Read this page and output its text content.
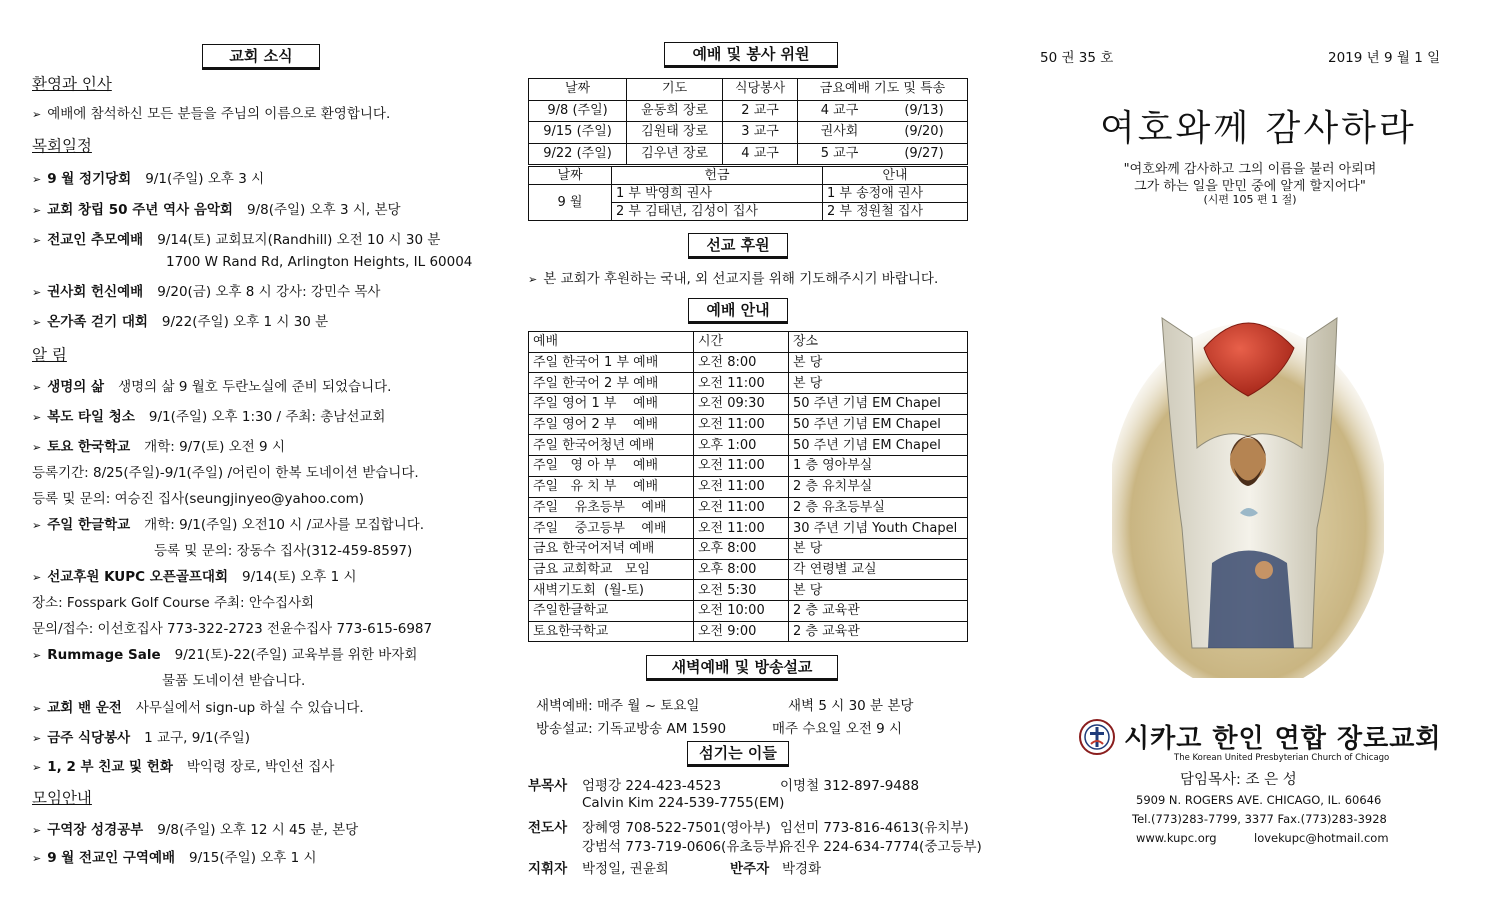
교회 소식
환영과 인사
➢ 예배에 참석하신 모든 분들을 주님의 이름으로 환영합니다.
목회일정
➢ 9 월 정기당회 9/1(주일) 오후 3 시
➢ 교회 창립 50 주년 역사 음악회 9/8(주일) 오후 3 시, 본당
➢ 전교인 추모예배 9/14(토) 교회묘지(Randhill) 오전 10 시 30 분
1700 W Rand Rd, Arlington Heights, IL 60004
➢ 권사회 헌신예배 9/20(금) 오후 8 시 강사: 강민수 목사
➢ 온가족 걷기 대회 9/22(주일) 오후 1 시 30 분
알 림
➢ 생명의 삶 생명의 삶 9 월호 두란노실에 준비 되었습니다.
➢ 복도 타일 청소 9/1(주일) 오후 1:30 / 주최: 총남선교회
➢ 토요 한국학교 개학: 9/7(토) 오전 9 시
등록기간: 8/25(주일)-9/1(주일) /어린이 한복 도네이션 받습니다.
등록 및 문의: 여승진 집사(seungjinyeo@yahoo.com)
➢ 주일 한글학교 개학: 9/1(주일) 오전10 시 /교사를 모집합니다.
등록 및 문의: 장동수 집사(312-459-8597)
➢ 선교후원 KUPC 오픈골프대회 9/14(토) 오후 1 시
장소: Fosspark Golf Course 주최: 안수집사회
문의/접수: 이선호집사 773-322-2723 전윤수집사 773-615-6987
➢ Rummage Sale 9/21(토)-22(주일) 교육부를 위한 바자회
물품 도네이션 받습니다.
➢ 교회 밴 운전 사무실에서 sign-up 하실 수 있습니다.
➢ 금주 식당봉사 1 교구, 9/1(주일)
➢ 1, 2 부 친교 및 헌화 박익령 장로, 박인선 집사
모임안내
➢ 구역장 성경공부 9/8(주일) 오후 12 시 45 분, 본당
➢ 9 월 전교인 구역예배 9/15(주일) 오후 1 시
예배 및 봉사 위원
날짜	기도	식당봉사	금요예배 기도 및 특송	
9/8 (주일)	윤동희 장로	2 교구	4 교구	(9/13)
9/15 (주일)	김원태 장로	3 교구	권사회	(9/20)
9/22 (주일)	김우년 장로	4 교구	5 교구	(9/27)
날짜	헌금	안내
9 월	1 부 박영희 권사	1 부 송정애 권사
	2 부 김태년, 김성이 집사	2 부 정원철 집사
선교 후원
➢ 본 교회가 후원하는 국내, 외 선교지를 위해 기도해주시기 바랍니다.
예배 안내
예배	시간	장소
주일 한국어 1 부 예배	오전 8:00	본 당
주일 한국어 2 부 예배	오전 11:00	본 당
주일 영어 1 부    예배	오전 09:30	50 주년 기념 EM Chapel
주일 영어 2 부    예배	오전 11:00	50 주년 기념 EM Chapel
주일 한국어청년 예배	오후 1:00	50 주년 기념 EM Chapel
주일   영 아 부    예배	오전 11:00	1 층 영아부실
주일   유 치 부    예배	오전 11:00	2 층 유치부실
주일    유초등부    예배	오전 11:00	2 층 유초등부실
주일    중고등부    예배	오전 11:00	30 주년 기념 Youth Chapel
금요 한국어저녁 예배	오후 8:00	본 당
금요 교회학교   모임	오후 8:00	각 연령별 교실
새벽기도회  (월-토)	오전 5:30	본 당
주일한글학교	오전 10:00	2 층 교육관
토요한국학교	오전 9:00	2 층 교육관
새벽예배 및 방송설교
새벽예배: 매주 월 ~ 토요일	새벽 5 시 30 분 본당
방송설교: 기독교방송 AM 1590	매주 수요일 오전 9 시
섬기는 이들
부목사 엄평강 224-423-4523	이명철 312-897-9488
Calvin Kim 224-539-7755(EM)
전도사 장혜영 708-522-7501(영아부) 임선미 773-816-4613(유치부)
강범석 773-719-0606(유초등부)
유진우 224-634-7774(중고등부)
지휘자 박정일, 권윤희	반주자 박경화
50 권 35 호	2019 년 9 월 1 일
여호와께 감사하라
"여호와께 감사하고 그의 이름을 불러 아뢰며
그가 하는 일을 만민 중에 알게 할지어다"
(시편 105 편 1 절)
시카고 한인 연합 장로교회
The Korean United Presbyterian Church of Chicago
담임목사: 조 은 성
5909 N. ROGERS AVE. CHICAGO, IL. 60646
Tel.(773)283-7799, 3377 Fax.(773)283-3928
www.kupc.org	lovekupc@hotmail.com
